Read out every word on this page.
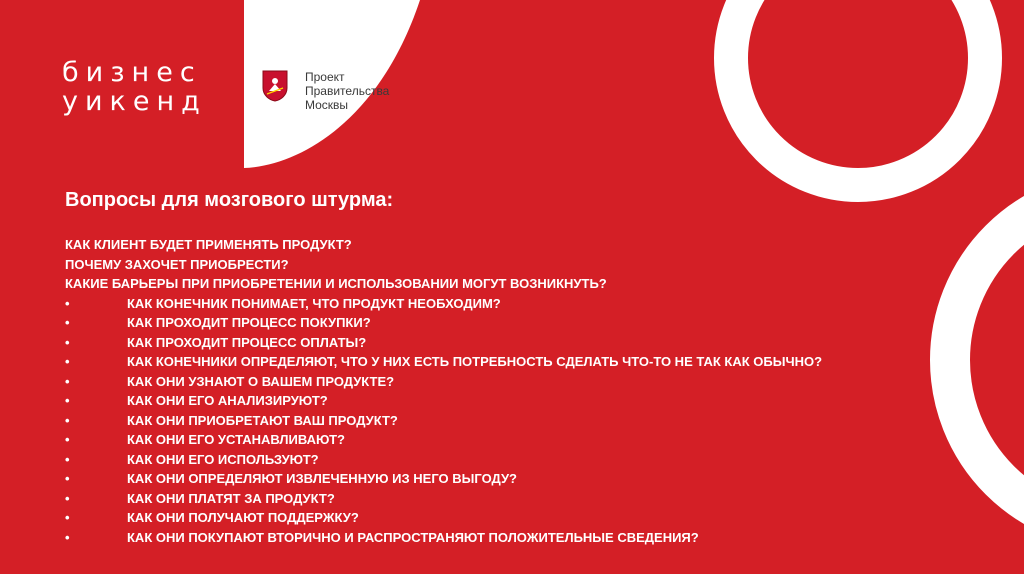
бизнес
уикенд
Проект
Правительства
Москвы
Вопросы для мозгового штурма:
КАК КЛИЕНТ БУДЕТ ПРИМЕНЯТЬ ПРОДУКТ?
ПОЧЕМУ ЗАХОЧЕТ ПРИОБРЕСТИ?
КАКИЕ БАРЬЕРЫ ПРИ ПРИОБРЕТЕНИИ И ИСПОЛЬЗОВАНИИ МОГУТ ВОЗНИКНУТЬ?
•	КАК КОНЕЧНИК ПОНИМАЕТ, ЧТО ПРОДУКТ НЕОБХОДИМ?
•	КАК ПРОХОДИТ ПРОЦЕСС ПОКУПКИ?
•	КАК ПРОХОДИТ ПРОЦЕСС ОПЛАТЫ?
•	КАК КОНЕЧНИКИ ОПРЕДЕЛЯЮТ, ЧТО У НИХ ЕСТЬ ПОТРЕБНОСТЬ СДЕЛАТЬ ЧТО-ТО НЕ ТАК КАК ОБЫЧНО?
•	КАК ОНИ УЗНАЮТ О ВАШЕМ ПРОДУКТЕ?
•	КАК ОНИ ЕГО АНАЛИЗИРУЮТ?
•	КАК ОНИ ПРИОБРЕТАЮТ ВАШ ПРОДУКТ?
•	КАК ОНИ ЕГО УСТАНАВЛИВАЮТ?
•	КАК ОНИ ЕГО ИСПОЛЬЗУЮТ?
•	КАК ОНИ ОПРЕДЕЛЯЮТ ИЗВЛЕЧЕННУЮ ИЗ НЕГО ВЫГОДУ?
•	КАК ОНИ ПЛАТЯТ ЗА ПРОДУКТ?
•	КАК ОНИ ПОЛУЧАЮТ ПОДДЕРЖКУ?
•	КАК ОНИ ПОКУПАЮТ ВТОРИЧНО И РАСПРОСТРАНЯЮТ ПОЛОЖИТЕЛЬНЫЕ СВЕДЕНИЯ?
